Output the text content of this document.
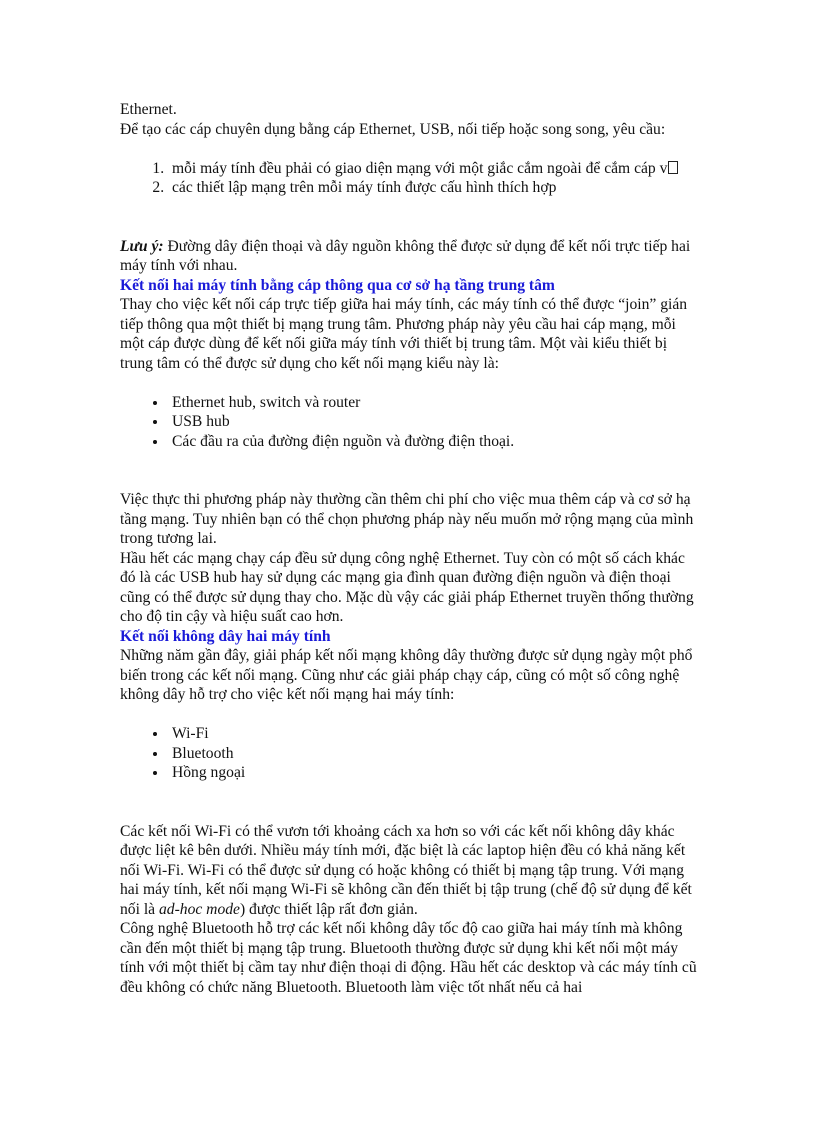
Ethernet.

Để tạo các cáp chuyên dụng bằng cáp Ethernet, USB, nối tiếp hoặc song song, yêu cầu:

1. mỗi máy tính đều phải có giao diện mạng với một giắc cắm ngoài để cắm cáp v
2. các thiết lập mạng trên mỗi máy tính được cấu hình thích hợp

Lưu ý: Đường dây điện thoại và dây nguồn không thể được sử dụng để kết nối trực tiếp hai máy tính với nhau.

Kết nối hai máy tính bằng cáp thông qua cơ sở hạ tầng trung tâm

Thay cho việc kết nối cáp trực tiếp giữa hai máy tính, các máy tính có thể được “join” gián tiếp thông qua một thiết bị mạng trung tâm. Phương pháp này yêu cầu hai cáp mạng, mỗi một cáp được dùng để kết nối giữa máy tính với thiết bị trung tâm. Một vài kiểu thiết bị trung tâm có thể được sử dụng cho kết nối mạng kiểu này là:

• Ethernet hub, switch và router
• USB hub
• Các đầu ra của đường điện nguồn và đường điện thoại.

Việc thực thi phương pháp này thường cần thêm chi phí cho việc mua thêm cáp và cơ sở hạ tầng mạng. Tuy nhiên bạn có thể chọn phương pháp này nếu muốn mở rộng mạng của mình trong tương lai.

Hầu hết các mạng chạy cáp đều sử dụng công nghệ Ethernet. Tuy còn có một số cách khác đó là các USB hub hay sử dụng các mạng gia đình quan đường điện nguồn và điện thoại cũng có thể được sử dụng thay cho. Mặc dù vậy các giải pháp Ethernet truyền thống thường cho độ tin cậy và hiệu suất cao hơn.

Kết nối không dây hai máy tính

Những năm gần đây, giải pháp kết nối mạng không dây thường được sử dụng ngày một phổ biến trong các kết nối mạng. Cũng như các giải pháp chạy cáp, cũng có một số công nghệ không dây hỗ trợ cho việc kết nối mạng hai máy tính:

• Wi-Fi
• Bluetooth
• Hồng ngoại

Các kết nối Wi-Fi có thể vươn tới khoảng cách xa hơn so với các kết nối không dây khác được liệt kê bên dưới. Nhiều máy tính mới, đặc biệt là các laptop hiện đều có khả năng kết nối Wi-Fi. Wi-Fi có thể được sử dụng có hoặc không có thiết bị mạng tập trung. Với mạng hai máy tính, kết nối mạng Wi-Fi sẽ không cần đến thiết bị tập trung (chế độ sử dụng để kết nối là ad-hoc mode) được thiết lập rất đơn giản.

Công nghệ Bluetooth hỗ trợ các kết nối không dây tốc độ cao giữa hai máy tính mà không cần đến một thiết bị mạng tập trung. Bluetooth thường được sử dụng khi kết nối một máy tính với một thiết bị cầm tay như điện thoại di động. Hầu hết các desktop và các máy tính cũ đều không có chức năng Bluetooth. Bluetooth làm việc tốt nhất nếu cả hai
